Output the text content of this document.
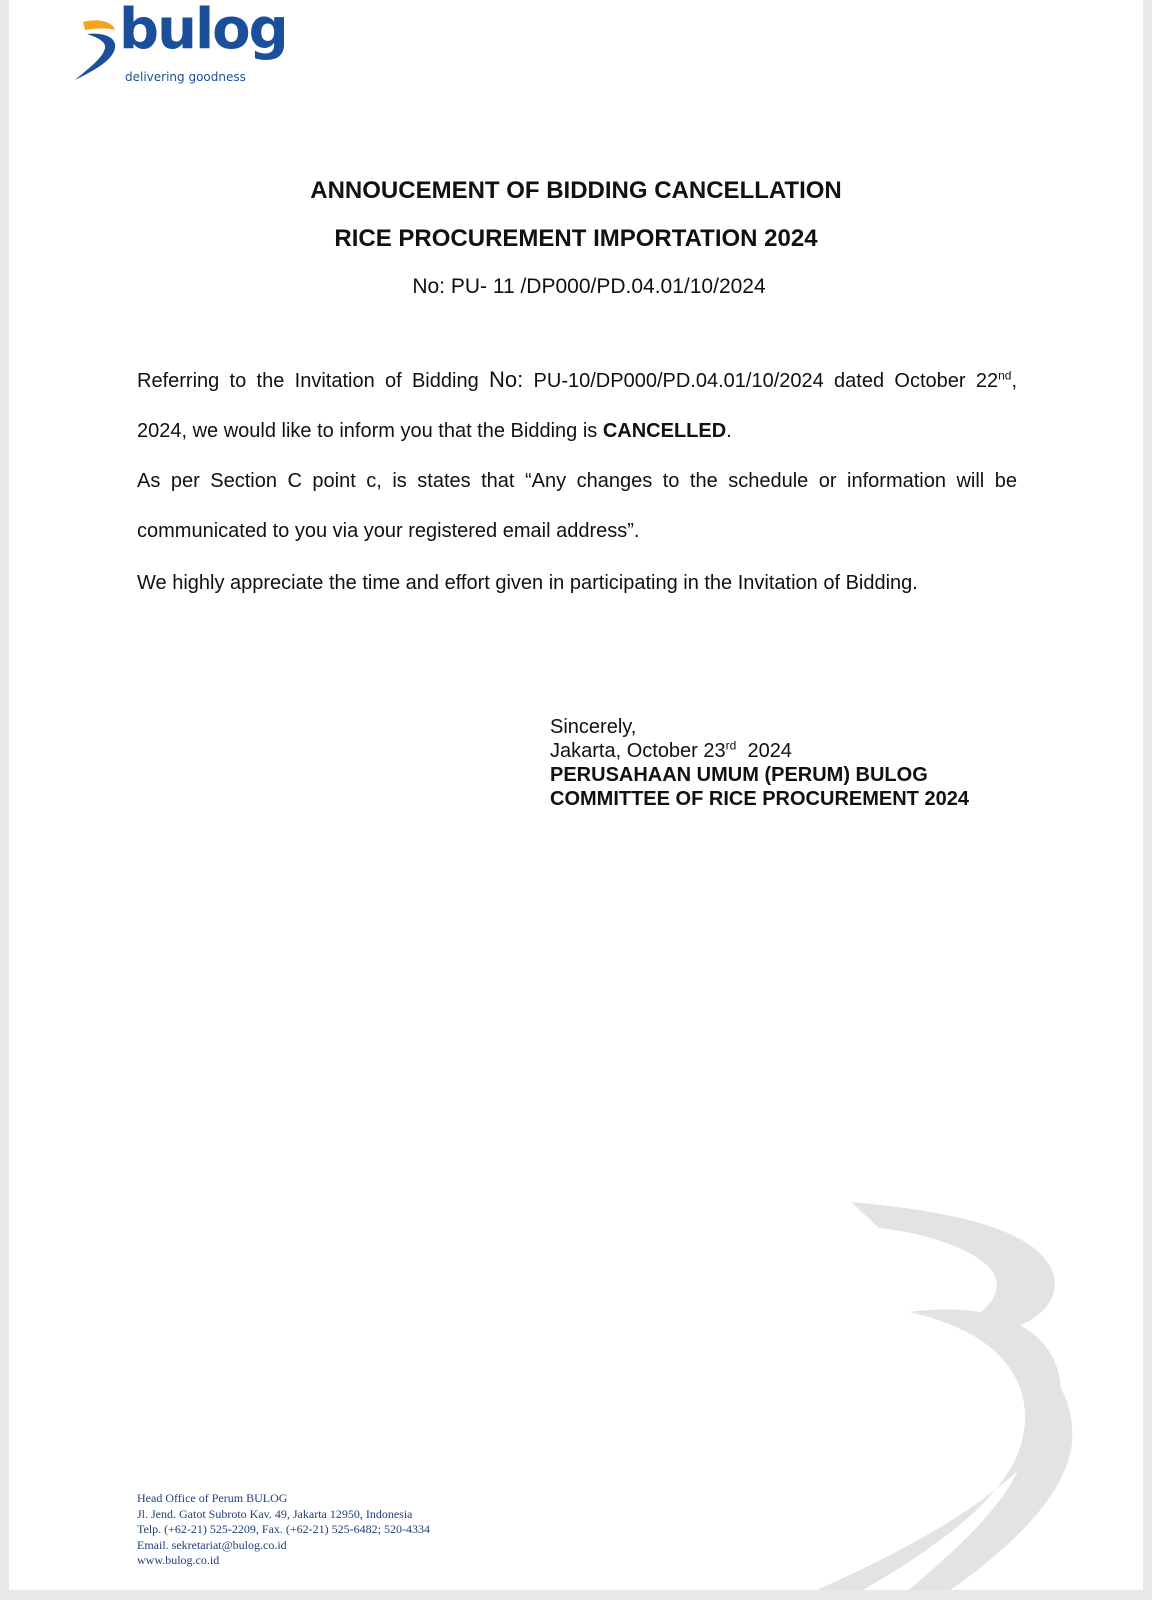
bulog
delivering goodness
ANNOUCEMENT OF BIDDING CANCELLATION
RICE PROCUREMENT IMPORTATION 2024
No: PU- 11 /DP000/PD.04.01/10/2024

Referring to the Invitation of Bidding No: PU-10/DP000/PD.04.01/10/2024 dated October 22nd, 2024, we would like to inform you that the Bidding is CANCELLED.

As per Section C point c, is states that “Any changes to the schedule or information will be communicated to you via your registered email address”.

We highly appreciate the time and effort given in participating in the Invitation of Bidding.

Sincerely,
Jakarta, October 23rd  2024
PERUSAHAAN UMUM (PERUM) BULOG
COMMITTEE OF RICE PROCUREMENT 2024
Head Office of Perum BULOG
Jl. Jend. Gatot Subroto Kav. 49, Jakarta 12950, Indonesia
Telp. (+62-21) 525-2209, Fax. (+62-21) 525-6482; 520-4334
Email. sekretariat@bulog.co.id
www.bulog.co.id
